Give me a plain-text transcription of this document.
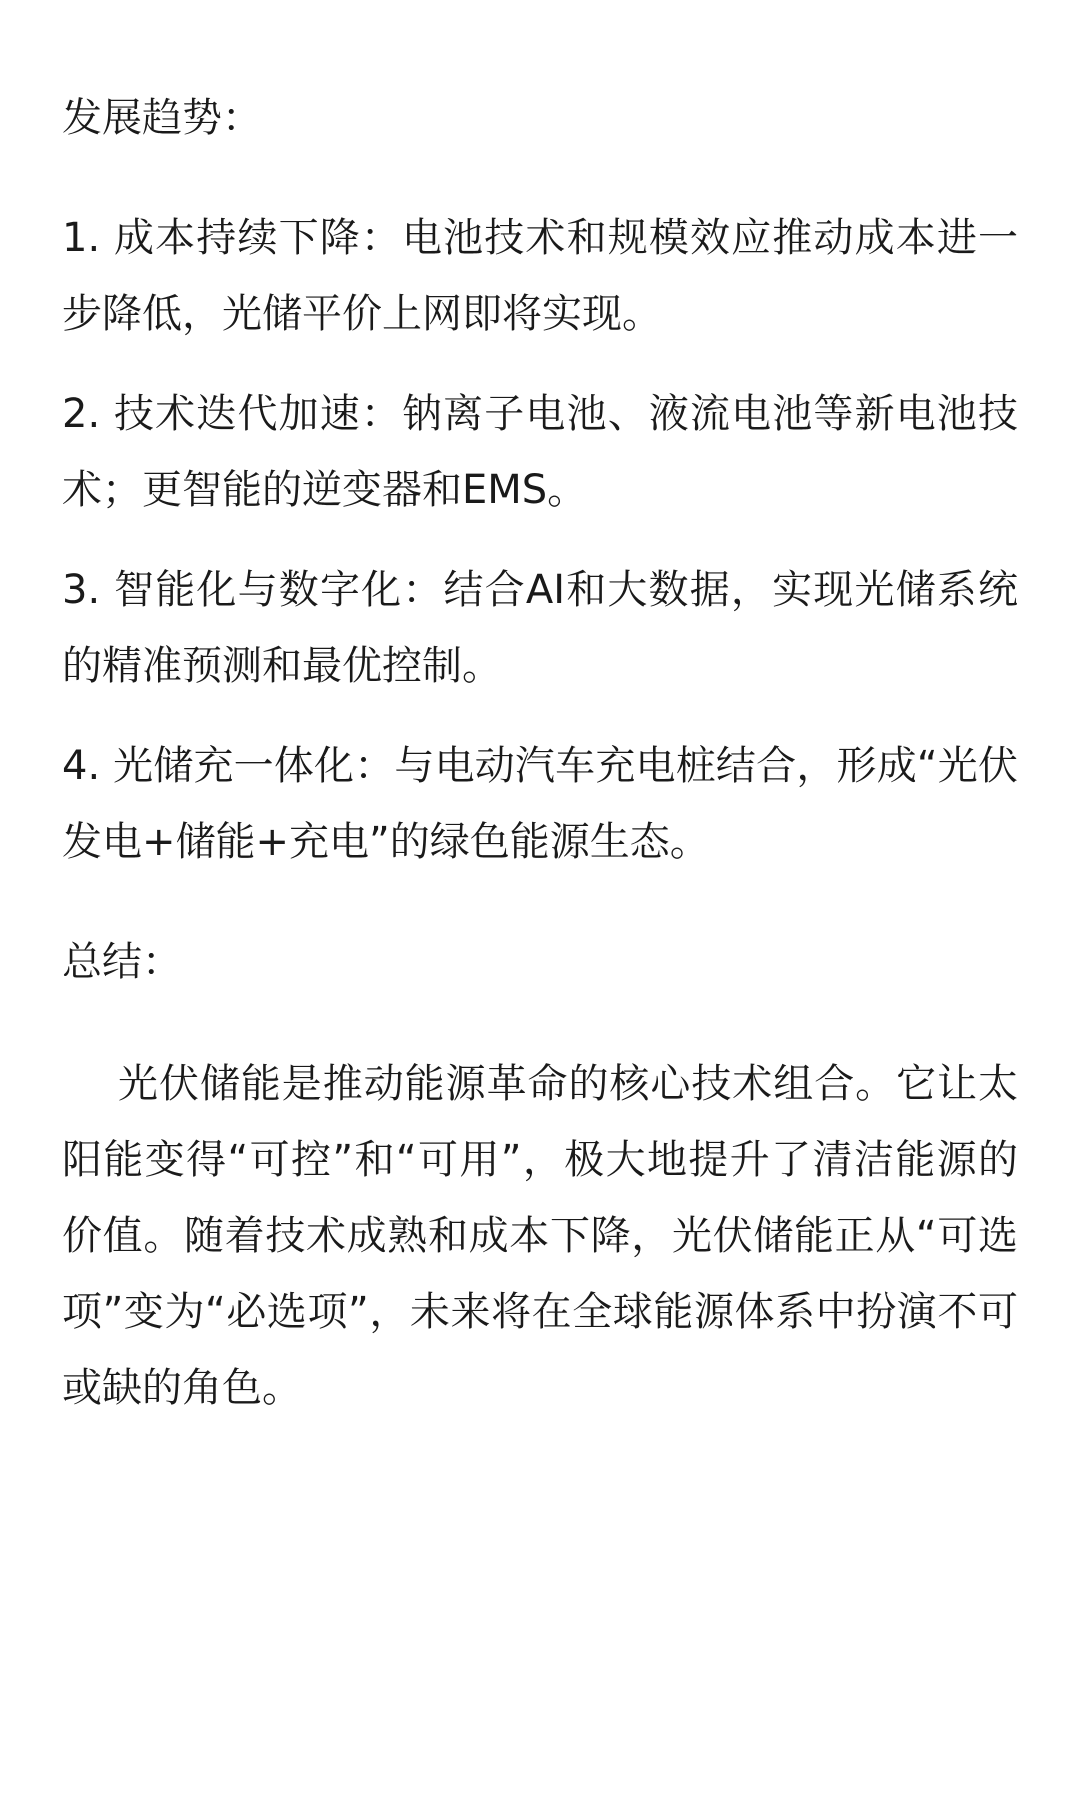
发展趋势：

1. 成本持续下降：电池技术和规模效应推动成本进一步降低，光储平价上网即将实现。

2. 技术迭代加速：钠离子电池、液流电池等新电池技术；更智能的逆变器和EMS。

3. 智能化与数字化：结合AI和大数据，实现光储系统的精准预测和最优控制。

4. 光储充一体化：与电动汽车充电桩结合，形成“光伏发电+储能+充电”的绿色能源生态。

总结：

光伏储能是推动能源革命的核心技术组合。它让太阳能变得“可控”和“可用”，极大地提升了清洁能源的价值。随着技术成熟和成本下降，光伏储能正从“可选项”变为“必选项”，未来将在全球能源体系中扮演不可或缺的角色。
